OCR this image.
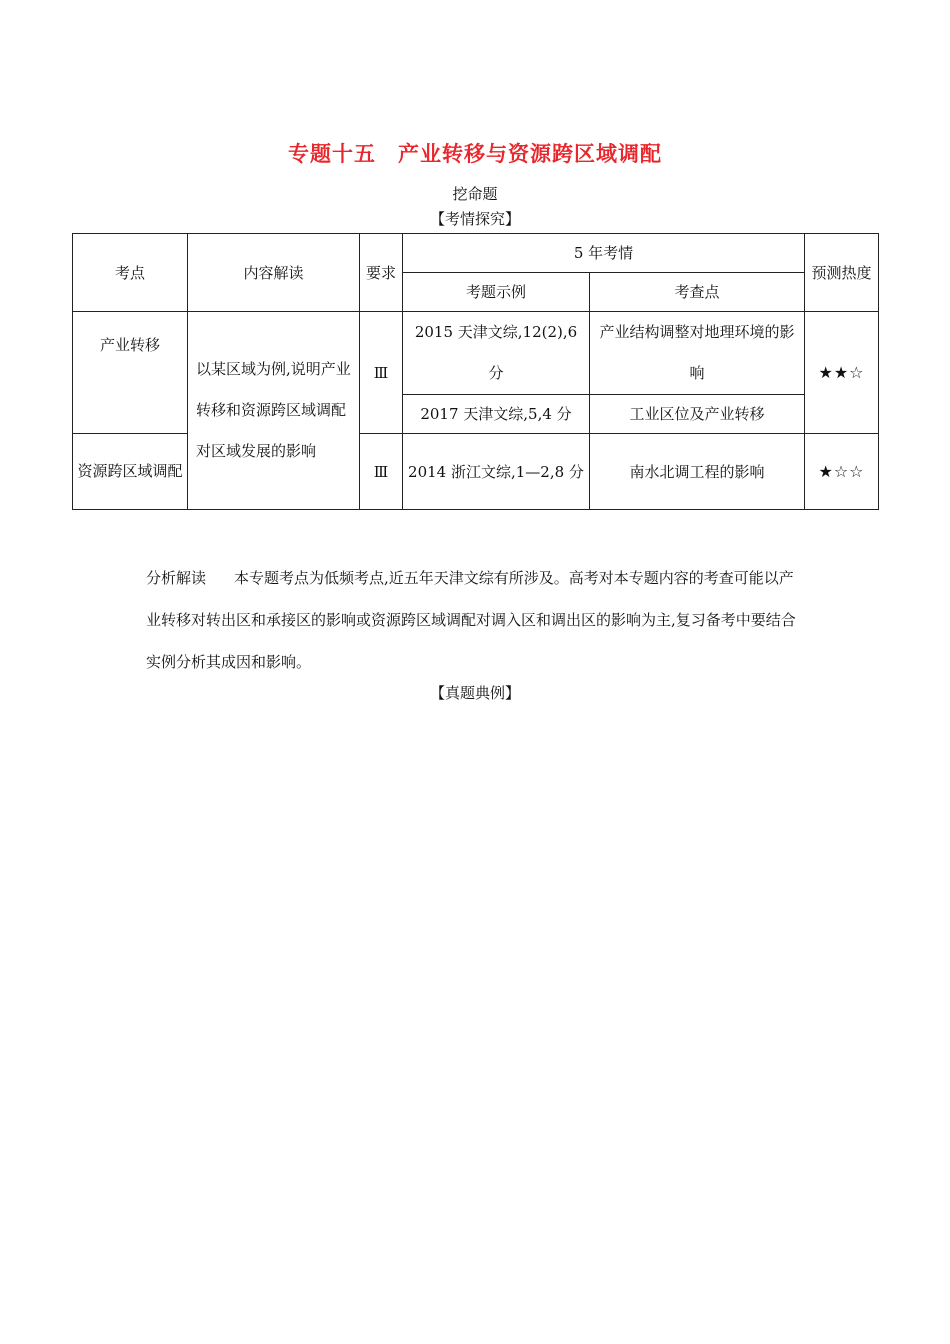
专题十五　产业转移与资源跨区域调配
挖命题
【考情探究】
考点	内容解读	要求	5 年考情		预测热度
			考题示例	考查点	
产业转移	以某区域为例,说明产业转移和资源跨区域调配对区域发展的影响	Ⅲ	2015 天津文综,12(2),6 分	产业结构调整对地理环境的影响	★★☆
			2017 天津文综,5,4 分	工业区位及产业转移	
资源跨区域调配		Ⅲ	2014 浙江文综,1—2,8 分	南水北调工程的影响	★☆☆
分析解读 本专题考点为低频考点,近五年天津文综有所涉及。高考对本专题内容的考查可能以产业转移对转出区和承接区的影响或资源跨区域调配对调入区和调出区的影响为主,复习备考中要结合实例分析其成因和影响。
【真题典例】
